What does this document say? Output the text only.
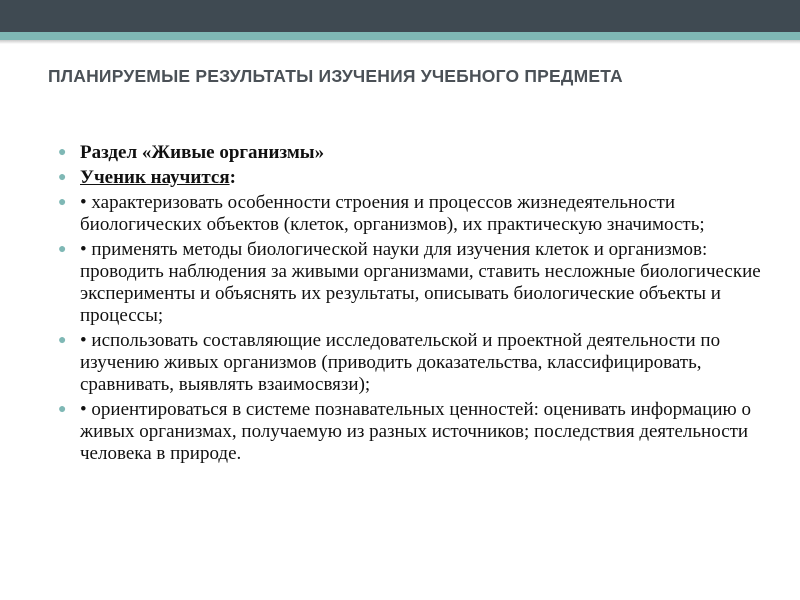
ПЛАНИРУЕМЫЕ РЕЗУЛЬТАТЫ ИЗУЧЕНИЯ УЧЕБНОГО ПРЕДМЕТА
● Раздел «Живые организмы»
● Ученик научится:
● • характеризовать особенности строения и процессов жизнедеятельности биологических объектов (клеток, организмов), их практическую значимость;
● • применять методы биологической науки для изучения клеток и организмов: проводить наблюдения за живыми организмами, ставить несложные биологические эксперименты и объяснять их результаты, описывать биологические объекты и процессы;
● • использовать составляющие исследовательской и проектной деятельности по изучению живых организмов (приводить доказательства, классифицировать, сравнивать, выявлять взаимосвязи);
● • ориентироваться в системе познавательных ценностей: оценивать информацию о живых организмах, получаемую из разных источников; последствия деятельности человека в природе.
